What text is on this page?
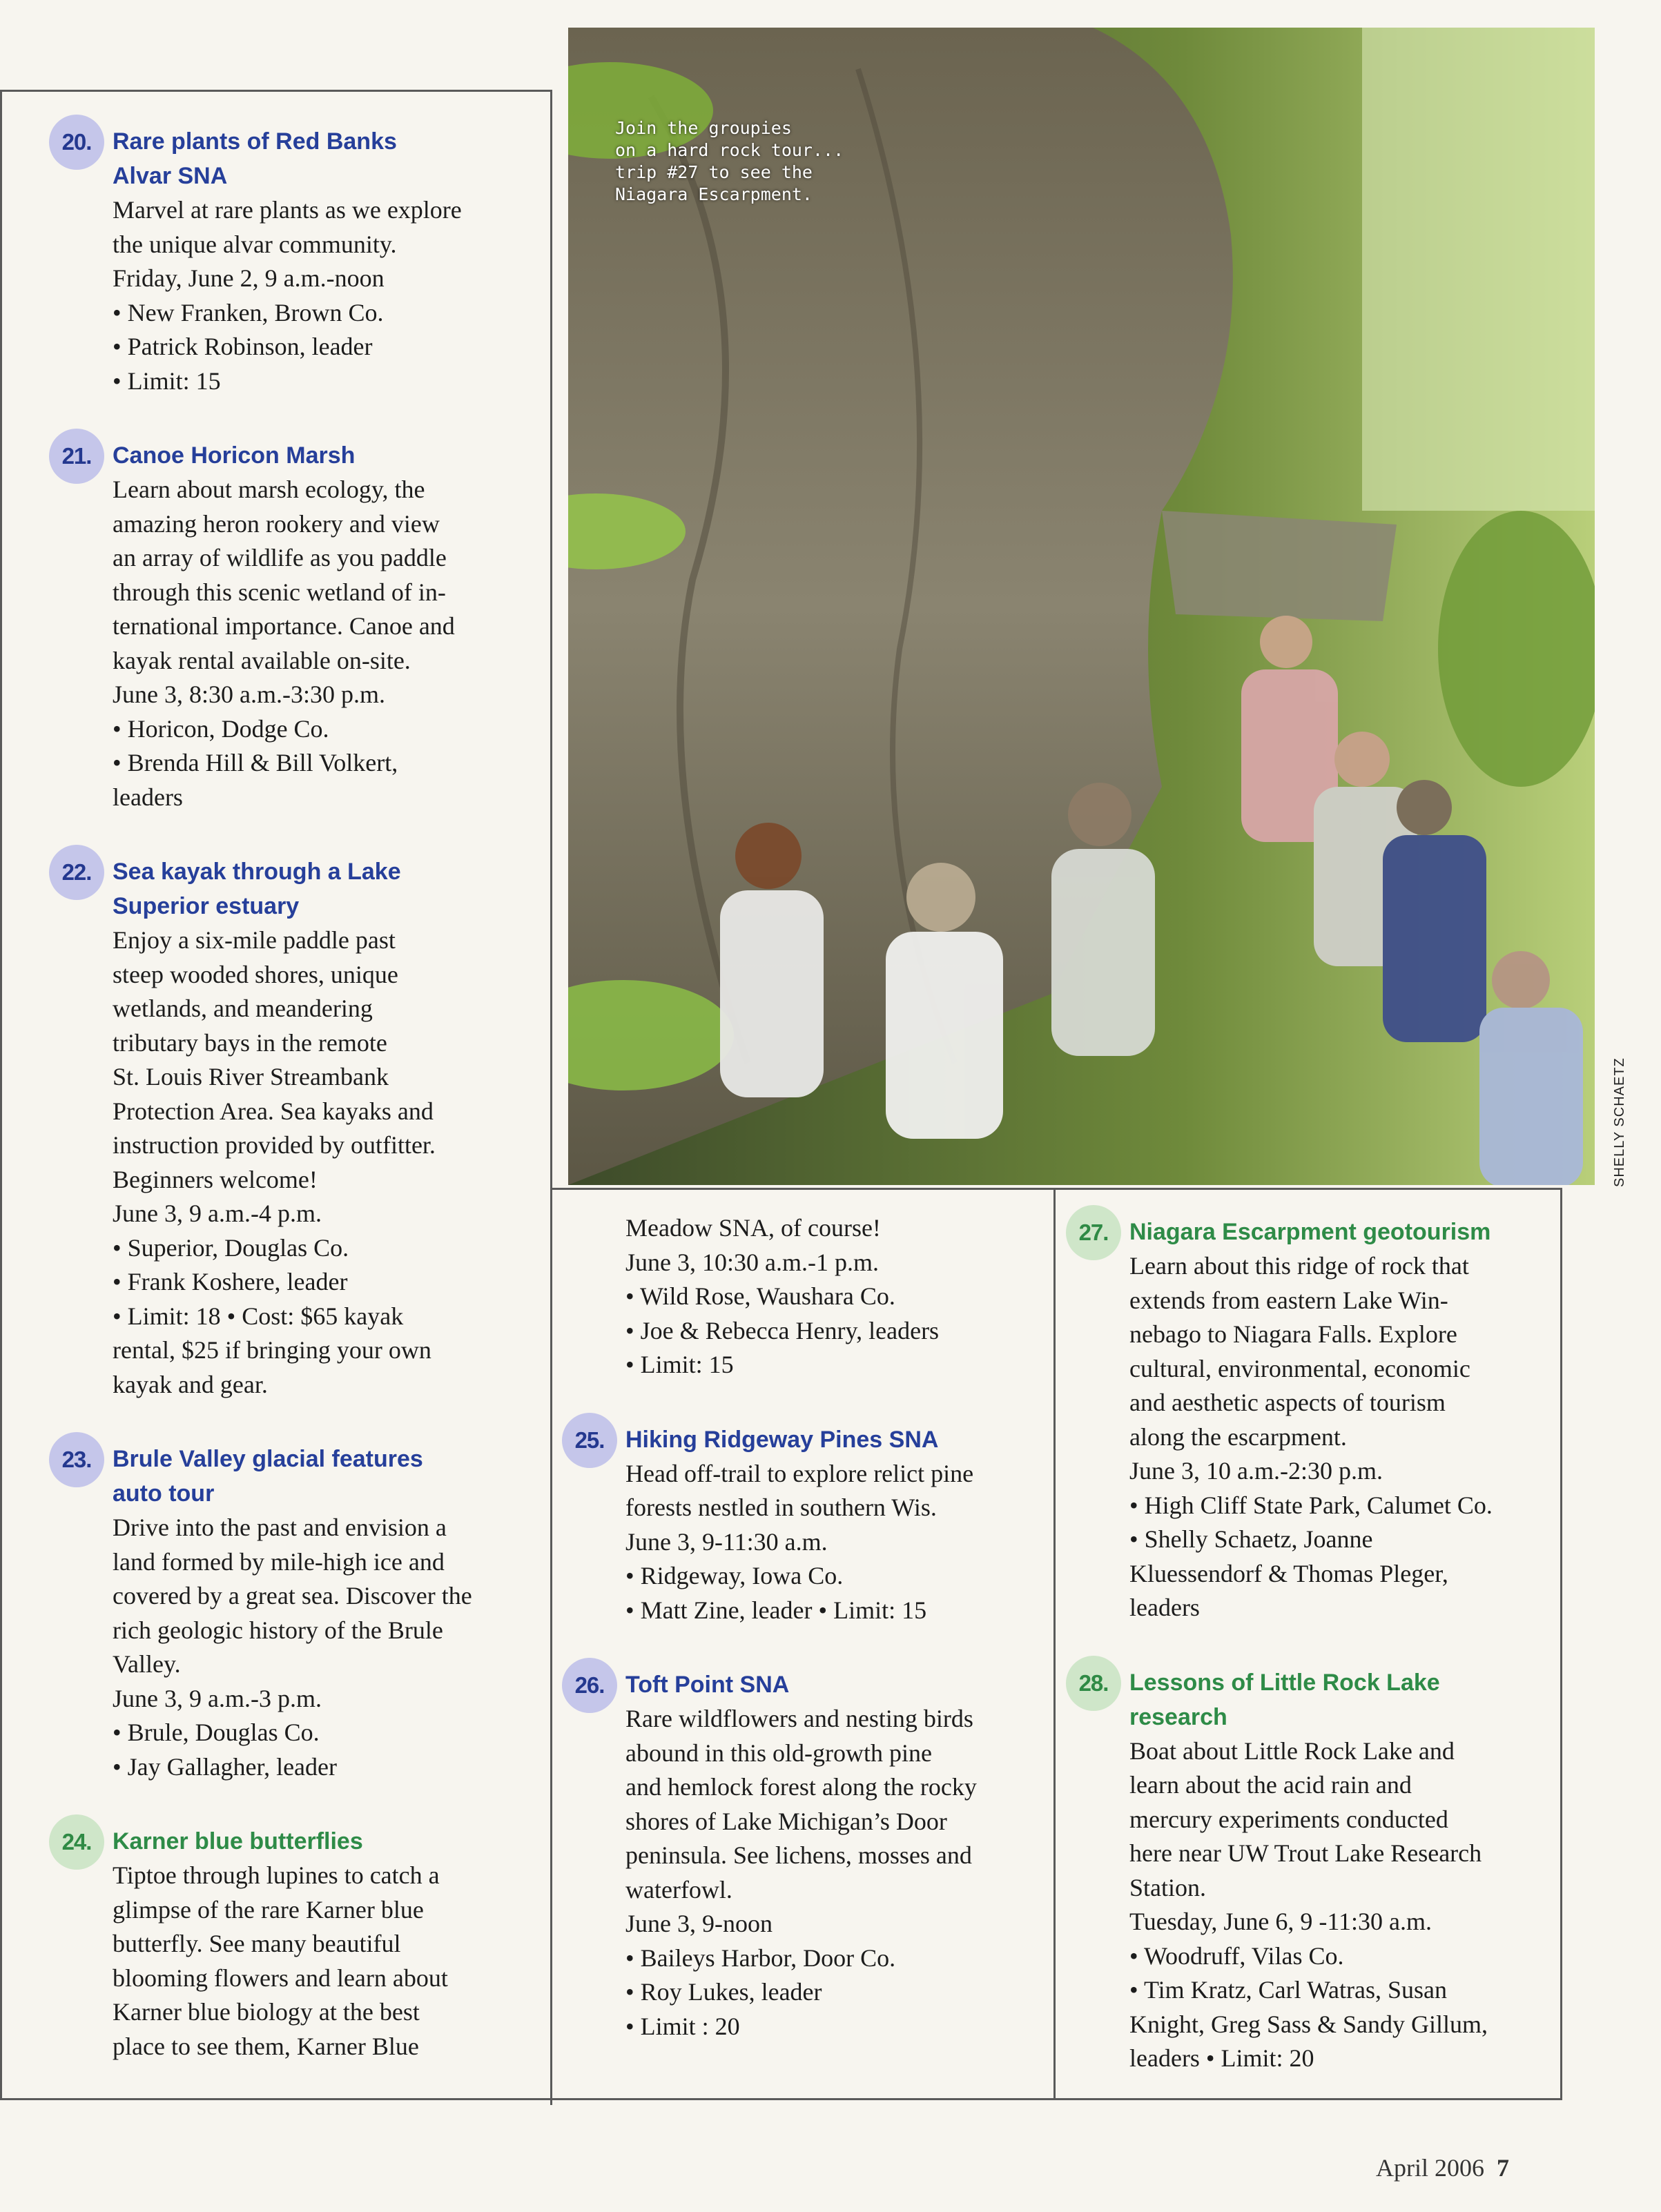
Join the groupies
on a hard rock tour...
trip #27 to see the
Niagara Escarpment.
SHELLY SCHAETZ
20. Rare plants of Red Banks
Alvar SNA
Marvel at rare plants as we explore
the unique alvar community.
Friday, June 2, 9 a.m.-noon
• New Franken, Brown Co.
• Patrick Robinson, leader
• Limit: 15
21. Canoe Horicon Marsh
Learn about marsh ecology, the
amazing heron rookery and view
an array of wildlife as you paddle
through this scenic wetland of in-
ternational importance. Canoe and
kayak rental available on-site.
June 3, 8:30 a.m.-3:30 p.m.
• Horicon, Dodge Co.
• Brenda Hill & Bill Volkert,
leaders
22. Sea kayak through a Lake
Superior estuary
Enjoy a six-mile paddle past
steep wooded shores, unique
wetlands, and meandering
tributary bays in the remote
St. Louis River Streambank
Protection Area. Sea kayaks and
instruction provided by outfitter.
Beginners welcome!
June 3, 9 a.m.-4 p.m.
• Superior, Douglas Co.
• Frank Koshere, leader
• Limit: 18 • Cost: $65 kayak
rental, $25 if bringing your own
kayak and gear.
23. Brule Valley glacial features
auto tour
Drive into the past and envision a
land formed by mile-high ice and
covered by a great sea. Discover the
rich geologic history of the Brule
Valley.
June 3, 9 a.m.-3 p.m.
• Brule, Douglas Co.
• Jay Gallagher, leader
24. Karner blue butterflies
Tiptoe through lupines to catch a
glimpse of the rare Karner blue
butterfly. See many beautiful
blooming flowers and learn about
Karner blue biology at the best
place to see them, Karner Blue
Meadow SNA, of course!
June 3, 10:30 a.m.-1 p.m.
• Wild Rose, Waushara Co.
• Joe & Rebecca Henry, leaders
• Limit: 15
25. Hiking Ridgeway Pines SNA
Head off-trail to explore relict pine
forests nestled in southern Wis.
June 3, 9-11:30 a.m.
• Ridgeway, Iowa Co.
• Matt Zine, leader • Limit: 15
26. Toft Point SNA
Rare wildflowers and nesting birds
abound in this old-growth pine
and hemlock forest along the rocky
shores of Lake Michigan’s Door
peninsula. See lichens, mosses and
waterfowl.
June 3, 9-noon
• Baileys Harbor, Door Co.
• Roy Lukes, leader
• Limit : 20
27. Niagara Escarpment geotourism
Learn about this ridge of rock that
extends from eastern Lake Win-
nebago to Niagara Falls. Explore
cultural, environmental, economic
and aesthetic aspects of tourism
along the escarpment.
June 3, 10 a.m.-2:30 p.m.
• High Cliff State Park, Calumet Co.
• Shelly Schaetz, Joanne
Kluessendorf & Thomas Pleger,
leaders
28. Lessons of Little Rock Lake
research
Boat about Little Rock Lake and
learn about the acid rain and
mercury experiments conducted
here near UW Trout Lake Research
Station.
Tuesday, June 6, 9 -11:30 a.m.
• Woodruff, Vilas Co.
• Tim Kratz, Carl Watras, Susan
Knight, Greg Sass & Sandy Gillum,
leaders • Limit: 20
April 2006 7
